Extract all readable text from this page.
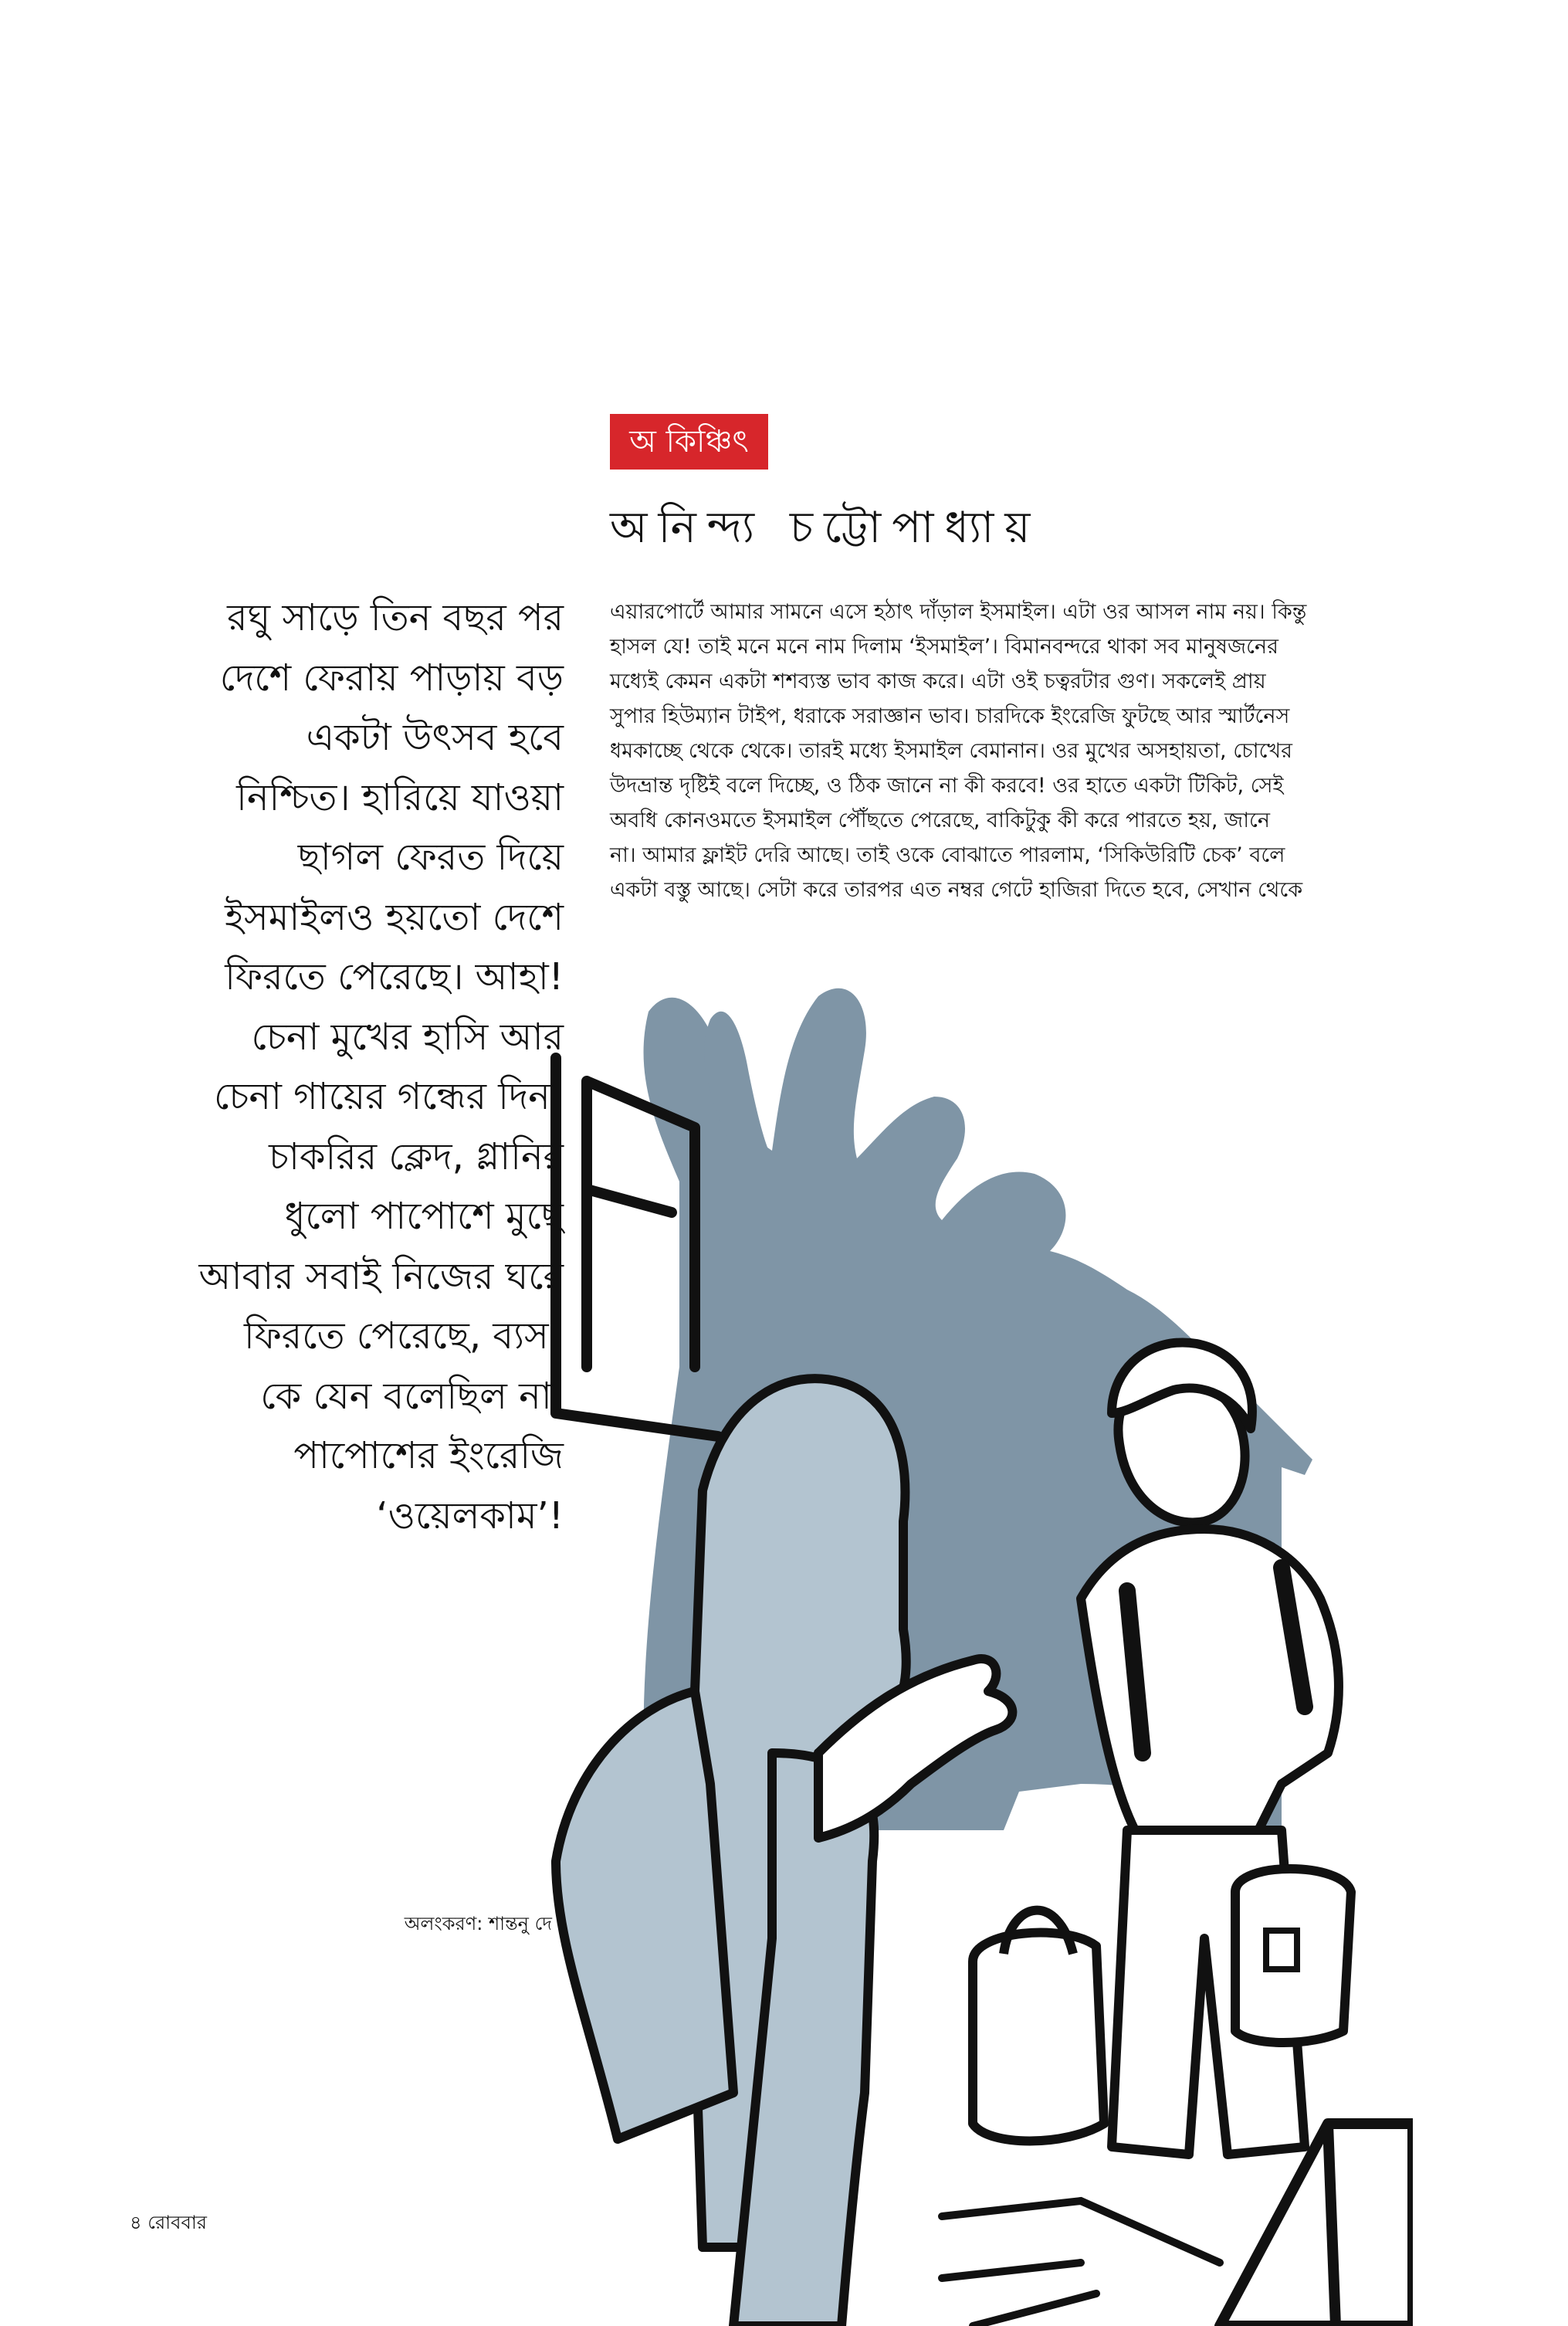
অ কিঞ্চিৎ
অনিন্দ্য চট্টোপাধ্যায়
রঘু সাড়ে তিন বছর পর
দেশে ফেরায় পাড়ায় বড়
একটা উৎসব হবে
নিশ্চিত। হারিয়ে যাওয়া
ছাগল ফেরত দিয়ে
ইসমাইলও হয়তো দেশে
ফিরতে পেরেছে। আহা!
চেনা মুখের হাসি আর
চেনা গায়ের গন্ধের দিন।
চাকরির ক্লেদ, গ্লানির
ধুলো পাপোশে মুছে
আবার সবাই নিজের ঘরে
ফিরতে পেরেছে, ব্যস!
কে যেন বলেছিল না,
পাপোশের ইংরেজি
‘ওয়েলকাম’!
এয়ারপোর্টে আমার সামনে এসে হঠাৎ দাঁড়াল ইসমাইল। এটা ওর আসল নাম নয়। কিন্তু
হাসল যে! তাই মনে মনে নাম দিলাম ‘ইসমাইল’। বিমানবন্দরে থাকা সব মানুষজনের
মধ্যেই কেমন একটা শশব্যস্ত ভাব কাজ করে। এটা ওই চত্বরটার গুণ। সকলেই প্রায়
সুপার হিউম্যান টাইপ, ধরাকে সরাজ্ঞান ভাব। চারদিকে ইংরেজি ফুটছে আর স্মার্টনেস
ধমকাচ্ছে থেকে থেকে। তারই মধ্যে ইসমাইল বেমানান। ওর মুখের অসহায়তা, চোখের
উদভ্রান্ত দৃষ্টিই বলে দিচ্ছে, ও ঠিক জানে না কী করবে! ওর হাতে একটা টিকিট, সেই
অবধি কোনওমতে ইসমাইল পৌঁছতে পেরেছে, বাকিটুকু কী করে পারতে হয়, জানে
না। আমার ফ্লাইট দেরি আছে। তাই ওকে বোঝাতে পারলাম, ‘সিকিউরিটি চেক’ বলে
একটা বস্তু আছে। সেটা করে তারপর এত নম্বর গেটে হাজিরা দিতে হবে, সেখান থেকে
অলংকরণ: শান্তনু দে
৪ রোববার
